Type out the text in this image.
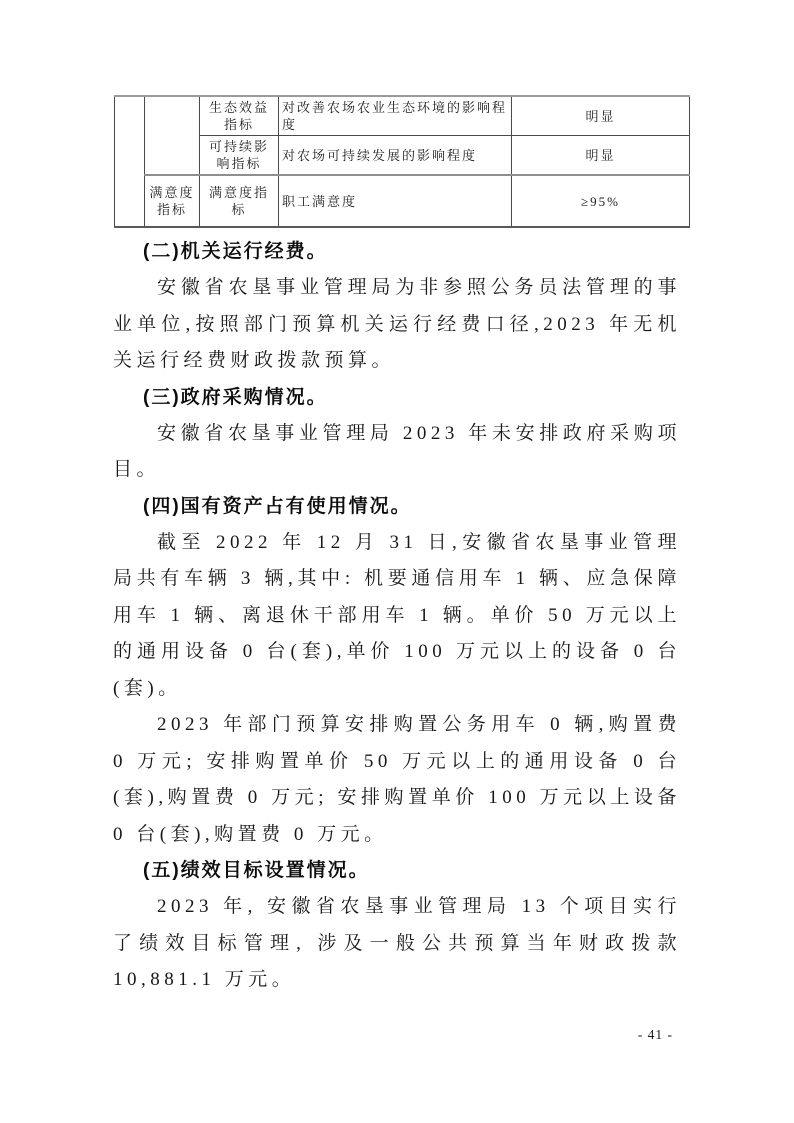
		生态效益指标	对改善农场农业生态环境的影响程度	明显
		可持续影响指标	对农场可持续发展的影响程度	明显
	满意度指标	满意度指标	职工满意度	≥95%
(二)机关运行经费。

安徽省农垦事业管理局为非参照公务员法管理的事业单位,按照部门预算机关运行经费口径,2023 年无机关运行经费财政拨款预算。

(三)政府采购情况。

安徽省农垦事业管理局 2023 年未安排政府采购项目。

(四)国有资产占有使用情况。

截至 2022 年 12 月 31 日,安徽省农垦事业管理局共有车辆 3 辆,其中: 机要通信用车 1 辆、应急保障用车 1 辆、离退休干部用车 1 辆。单价 50 万元以上的通用设备 0 台(套),单价 100 万元以上的设备 0 台(套)。

2023 年部门预算安排购置公务用车 0 辆,购置费 0 万元; 安排购置单价 50 万元以上的通用设备 0 台(套),购置费 0 万元; 安排购置单价 100 万元以上设备 0 台(套),购置费 0 万元。

(五)绩效目标设置情况。

2023 年, 安徽省农垦事业管理局 13 个项目实行了绩效目标管理, 涉及一般公共预算当年财政拨款 10,881.1 万元。

- 41 -
